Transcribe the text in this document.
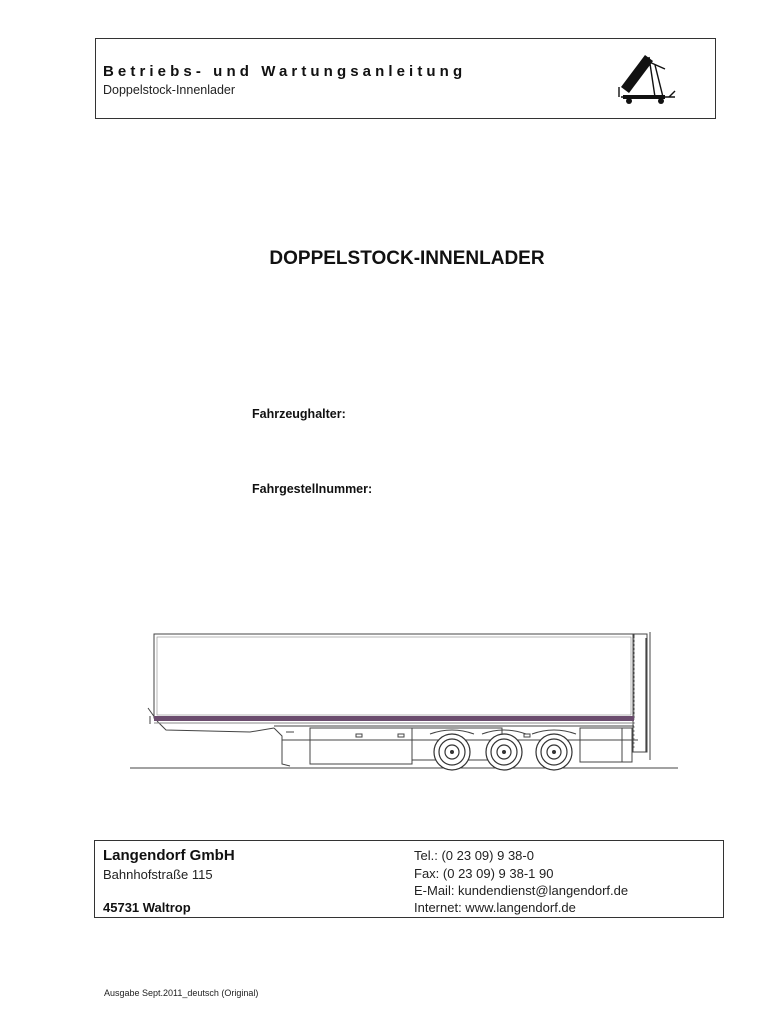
Betriebs- und Wartungsanleitung
Doppelstock-Innenlader
DOPPELSTOCK-INNENLADER
Fahrzeughalter:
Fahrgestellnummer:
Langendorf GmbH
Bahnhofstraße 115
45731 Waltrop
Tel.: (0 23 09) 9 38-0
Fax: (0 23 09) 9 38-1 90
E-Mail: kundendienst@langendorf.de
Internet: www.langendorf.de
Ausgabe Sept.2011_deutsch (Original)
